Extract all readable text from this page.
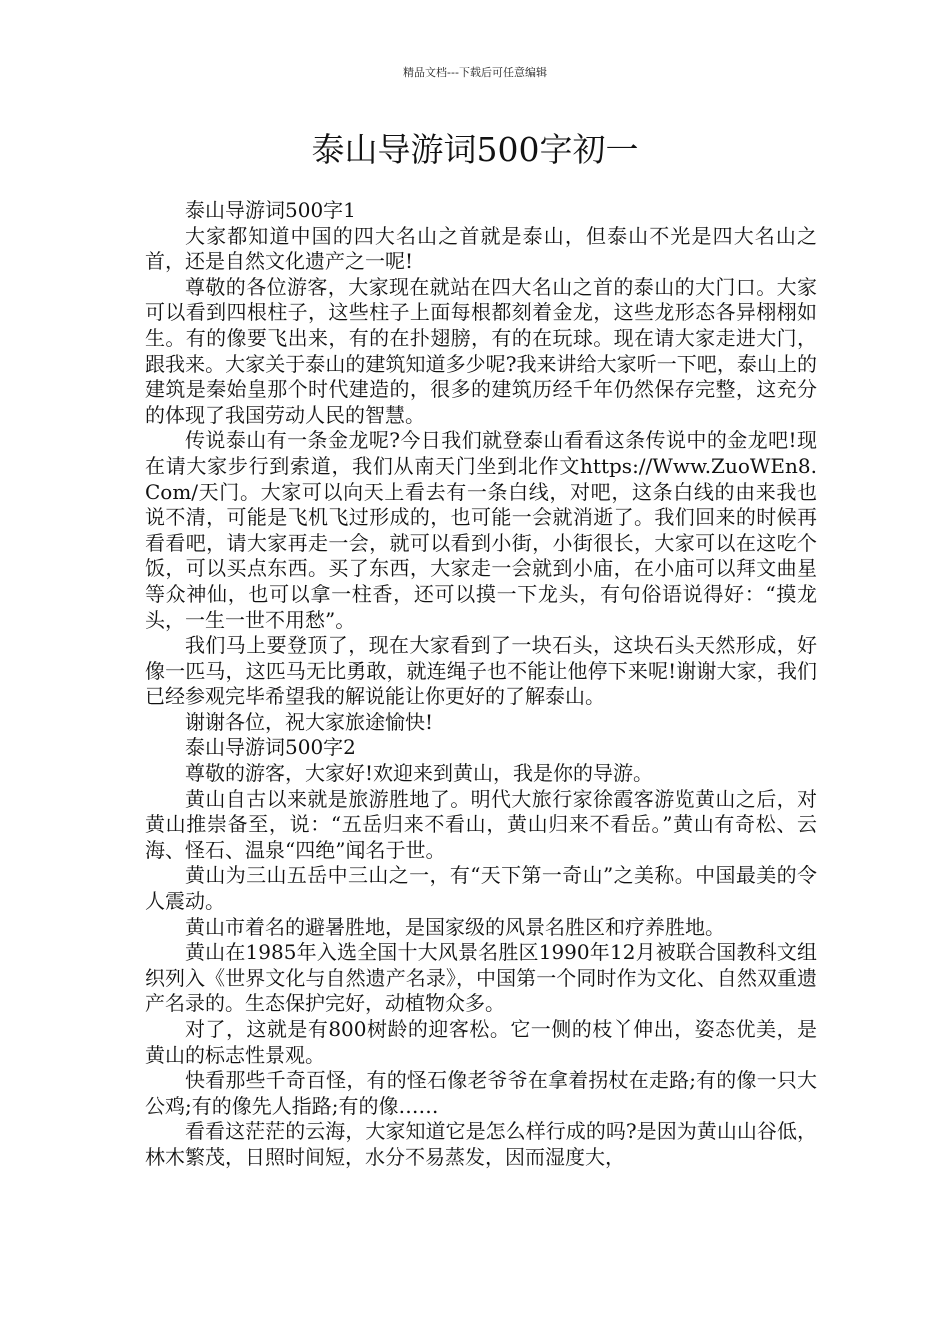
精品文档---下载后可任意编辑
泰山导游词500字初一

泰山导游词500字1

大家都知道中国的四大名山之首就是泰山，但泰山不光是四大名山之首，还是自然文化遗产之一呢!

尊敬的各位游客，大家现在就站在四大名山之首的泰山的大门口。大家可以看到四根柱子，这些柱子上面每根都刻着金龙，这些龙形态各异栩栩如生。有的像要飞出来，有的在扑翅膀，有的在玩球。现在请大家走进大门，跟我来。大家关于泰山的建筑知道多少呢?我来讲给大家听一下吧，泰山上的建筑是秦始皇那个时代建造的，很多的建筑历经千年仍然保存完整，这充分的体现了我国劳动人民的智慧。

传说泰山有一条金龙呢?今日我们就登泰山看看这条传说中的金龙吧!现在请大家步行到索道，我们从南天门坐到北作文https://Www.ZuoWEn8.Com/天门。大家可以向天上看去有一条白线，对吧，这条白线的由来我也说不清，可能是飞机飞过形成的，也可能一会就消逝了。我们回来的时候再看看吧，请大家再走一会，就可以看到小街，小街很长，大家可以在这吃个饭，可以买点东西。买了东西，大家走一会就到小庙，在小庙可以拜文曲星等众神仙，也可以拿一柱香，还可以摸一下龙头，有句俗语说得好：“摸龙头，一生一世不用愁”。

我们马上要登顶了，现在大家看到了一块石头，这块石头天然形成，好像一匹马，这匹马无比勇敢，就连绳子也不能让他停下来呢!谢谢大家，我们已经参观完毕希望我的解说能让你更好的了解泰山。

谢谢各位，祝大家旅途愉快!

泰山导游词500字2

尊敬的游客，大家好!欢迎来到黄山，我是你的导游。

黄山自古以来就是旅游胜地了。明代大旅行家徐霞客游览黄山之后，对黄山推崇备至，说：“五岳归来不看山，黄山归来不看岳。”黄山有奇松、云海、怪石、温泉“四绝”闻名于世。

黄山为三山五岳中三山之一，有“天下第一奇山”之美称。中国最美的令人震动。

黄山市着名的避暑胜地，是国家级的风景名胜区和疗养胜地。

黄山在1985年入选全国十大风景名胜区1990年12月被联合国教科文组织列入《世界文化与自然遗产名录》，中国第一个同时作为文化、自然双重遗产名录的。生态保护完好，动植物众多。

对了，这就是有800树龄的迎客松。它一侧的枝丫伸出，姿态优美，是黄山的标志性景观。

快看那些千奇百怪，有的怪石像老爷爷在拿着拐杖在走路;有的像一只大公鸡;有的像先人指路;有的像……

看看这茫茫的云海，大家知道它是怎么样行成的吗?是因为黄山山谷低，林木繁茂，日照时间短，水分不易蒸发，因而湿度大，
